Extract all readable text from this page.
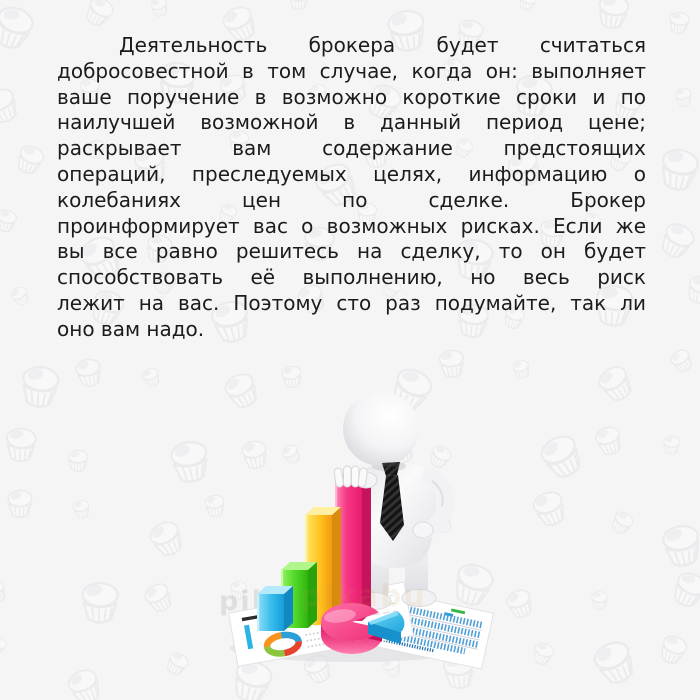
Деятельность брокера будет считаться
добросовестной в том случае, когда он: выполняет
ваше поручение в возможно короткие сроки и по
наилучшей возможной в данный период цене;
раскрывает вам содержание предстоящих
операций, преследуемых целях, информацию о
колебаниях цен по сделке. Брокер
проинформирует вас о возможных рисках. Если же
вы все равно решитесь на сделку, то он будет
способствовать её выполнению, но весь риск
лежит на вас. Поэтому сто раз подумайте, так ли
оно вам надо.
